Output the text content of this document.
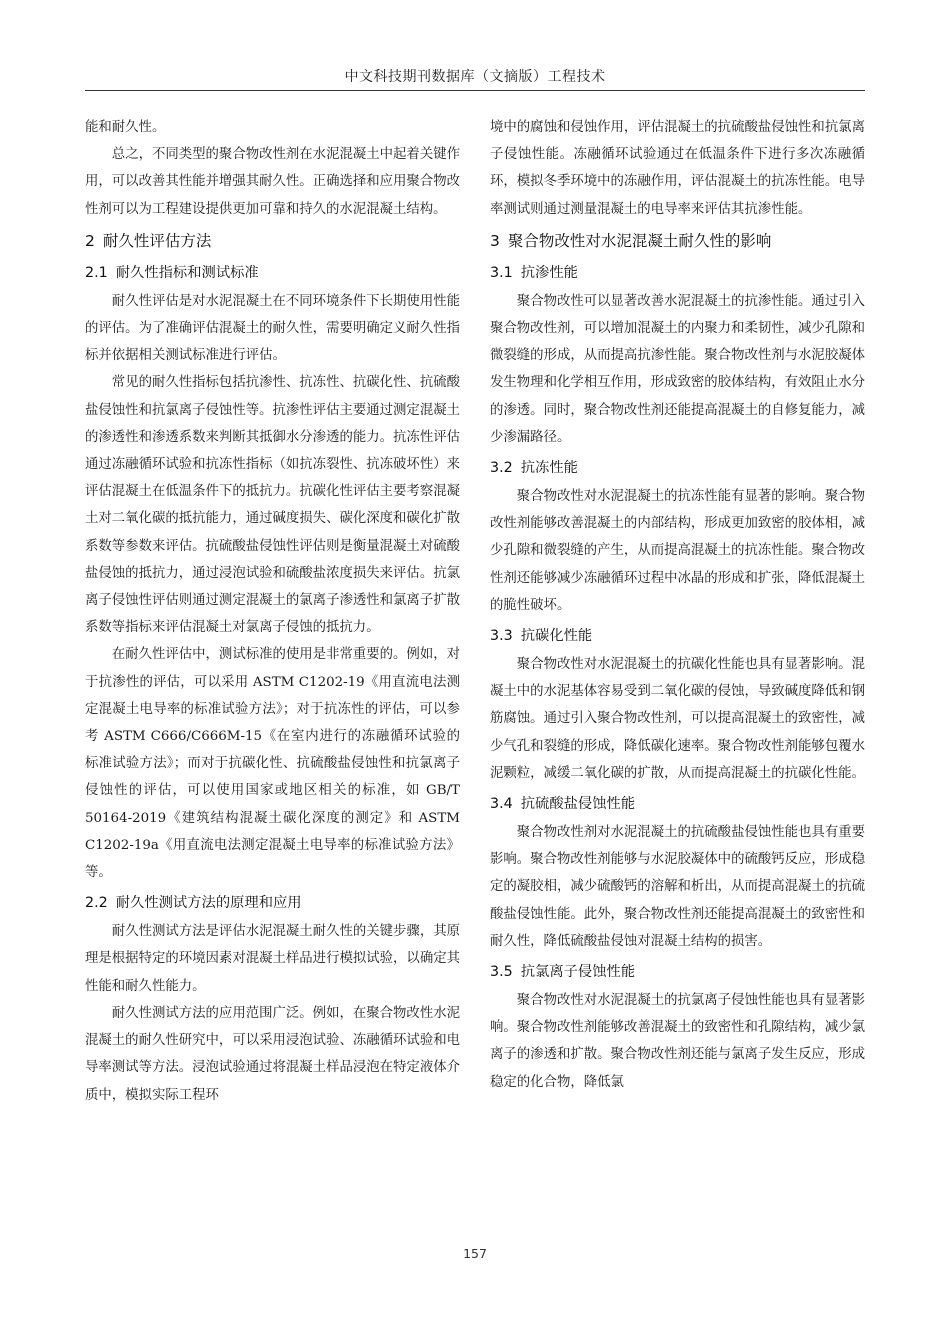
中文科技期刊数据库（文摘版）工程技术

能和耐久性。

总之，不同类型的聚合物改性剂在水泥混凝土中起着关键作用，可以改善其性能并增强其耐久性。正确选择和应用聚合物改性剂可以为工程建设提供更加可靠和持久的水泥混凝土结构。

2 耐久性评估方法
2.1 耐久性指标和测试标准

耐久性评估是对水泥混凝土在不同环境条件下长期使用性能的评估。为了准确评估混凝土的耐久性，需要明确定义耐久性指标并依据相关测试标准进行评估。

常见的耐久性指标包括抗渗性、抗冻性、抗碳化性、抗硫酸盐侵蚀性和抗氯离子侵蚀性等。抗渗性评估主要通过测定混凝土的渗透性和渗透系数来判断其抵御水分渗透的能力。抗冻性评估通过冻融循环试验和抗冻性指标（如抗冻裂性、抗冻破坏性）来评估混凝土在低温条件下的抵抗力。抗碳化性评估主要考察混凝土对二氧化碳的抵抗能力，通过碱度损失、碳化深度和碳化扩散系数等参数来评估。抗硫酸盐侵蚀性评估则是衡量混凝土对硫酸盐侵蚀的抵抗力，通过浸泡试验和硫酸盐浓度损失来评估。抗氯离子侵蚀性评估则通过测定混凝土的氯离子渗透性和氯离子扩散系数等指标来评估混凝土对氯离子侵蚀的抵抗力。

在耐久性评估中，测试标准的使用是非常重要的。例如，对于抗渗性的评估，可以采用 ASTM C1202-19《用直流电法测定混凝土电导率的标准试验方法》；对于抗冻性的评估，可以参考 ASTM C666/C666M-15《在室内进行的冻融循环试验的标准试验方法》；而对于抗碳化性、抗硫酸盐侵蚀性和抗氯离子侵蚀性的评估，可以使用国家或地区相关的标准，如 GB/T 50164-2019《建筑结构混凝土碳化深度的测定》和 ASTM C1202-19a《用直流电法测定混凝土电导率的标准试验方法》等。

2.2 耐久性测试方法的原理和应用

耐久性测试方法是评估水泥混凝土耐久性的关键步骤，其原理是根据特定的环境因素对混凝土样品进行模拟试验，以确定其性能和耐久性能力。

耐久性测试方法的应用范围广泛。例如，在聚合物改性水泥混凝土的耐久性研究中，可以采用浸泡试验、冻融循环试验和电导率测试等方法。浸泡试验通过将混凝土样品浸泡在特定液体介质中，模拟实际工程环

境中的腐蚀和侵蚀作用，评估混凝土的抗硫酸盐侵蚀性和抗氯离子侵蚀性能。冻融循环试验通过在低温条件下进行多次冻融循环，模拟冬季环境中的冻融作用，评估混凝土的抗冻性能。电导率测试则通过测量混凝土的电导率来评估其抗渗性能。

3 聚合物改性对水泥混凝土耐久性的影响
3.1 抗渗性能

聚合物改性可以显著改善水泥混凝土的抗渗性能。通过引入聚合物改性剂，可以增加混凝土的内聚力和柔韧性，减少孔隙和微裂缝的形成，从而提高抗渗性能。聚合物改性剂与水泥胶凝体发生物理和化学相互作用，形成致密的胶体结构，有效阻止水分的渗透。同时，聚合物改性剂还能提高混凝土的自修复能力，减少渗漏路径。

3.2 抗冻性能

聚合物改性对水泥混凝土的抗冻性能有显著的影响。聚合物改性剂能够改善混凝土的内部结构，形成更加致密的胶体相，减少孔隙和微裂缝的产生，从而提高混凝土的抗冻性能。聚合物改性剂还能够减少冻融循环过程中冰晶的形成和扩张，降低混凝土的脆性破坏。

3.3 抗碳化性能

聚合物改性对水泥混凝土的抗碳化性能也具有显著影响。混凝土中的水泥基体容易受到二氧化碳的侵蚀，导致碱度降低和钢筋腐蚀。通过引入聚合物改性剂，可以提高混凝土的致密性，减少气孔和裂缝的形成，降低碳化速率。聚合物改性剂能够包覆水泥颗粒，减缓二氧化碳的扩散，从而提高混凝土的抗碳化性能。

3.4 抗硫酸盐侵蚀性能

聚合物改性剂对水泥混凝土的抗硫酸盐侵蚀性能也具有重要影响。聚合物改性剂能够与水泥胶凝体中的硫酸钙反应，形成稳定的凝胶相，减少硫酸钙的溶解和析出，从而提高混凝土的抗硫酸盐侵蚀性能。此外，聚合物改性剂还能提高混凝土的致密性和耐久性，降低硫酸盐侵蚀对混凝土结构的损害。

3.5 抗氯离子侵蚀性能

聚合物改性对水泥混凝土的抗氯离子侵蚀性能也具有显著影响。聚合物改性剂能够改善混凝土的致密性和孔隙结构，减少氯离子的渗透和扩散。聚合物改性剂还能与氯离子发生反应，形成稳定的化合物，降低氯

157
